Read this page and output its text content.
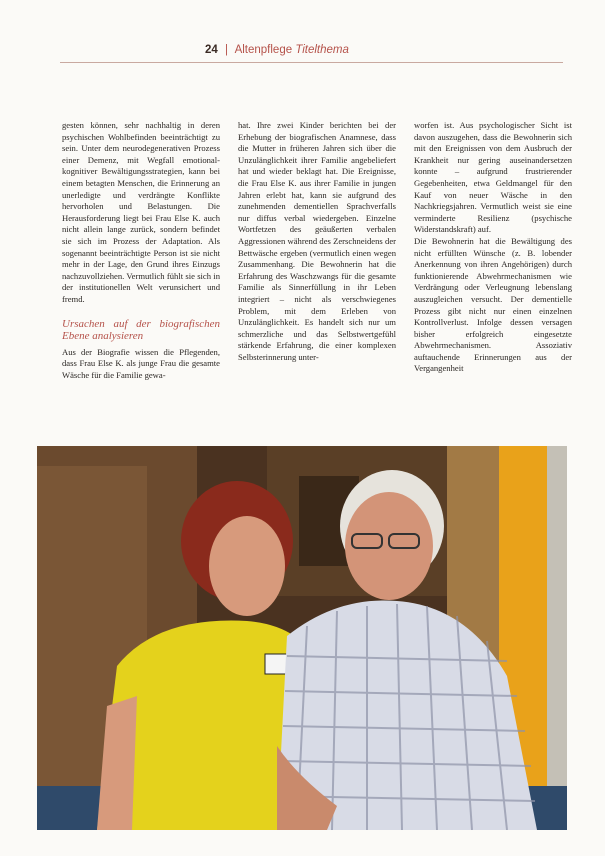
24 | Altenpflege Titelthema

gesten können, sehr nachhaltig in deren psychischen Wohlbefinden beeinträchtigt zu sein. Unter dem neurodegenerativen Prozess einer Demenz, mit Wegfall emotional-kognitiver Bewältigungsstrategien, kann bei einem betagten Menschen, die Erinnerung an unerledigte und verdrängte Konflikte hervorholen und Belastungen. Die Herausforderung liegt bei Frau Else K. auch nicht allein lange zurück, sondern befindet sie sich im Prozess der Adaptation. Als sogenannt beeinträchtigte Person ist sie nicht mehr in der Lage, den Grund ihres Einzugs nachzuvollziehen. Vermutlich fühlt sie sich in der institutionellen Welt verunsichert und fremd.

Ursachen auf der biografischen Ebene analysieren

Aus der Biografie wissen die Pflegenden, dass Frau Else K. als junge Frau die gesamte Wäsche für die Familie gewa-

hat. Ihre zwei Kinder berichten bei der Erhebung der biografischen Anamnese, dass die Mutter in früheren Jahren sich über die Unzulänglichkeit ihrer Familie angebeliefert hat und wieder beklagt hat. Die Ereignisse, die Frau Else K. aus ihrer Familie in jungen Jahren erlebt hat, kann sie aufgrund des zunehmenden dementiellen Sprachverfalls nur diffus verbal wiedergeben. Einzelne Wortfetzen des geäußerten verbalen Aggressionen während des Zerschneidens der Bettwäsche ergeben (vermutlich einen wegen Zusammenhang. Die Bewohnerin hat die Erfahrung des Waschzwangs für die gesamte Familie als Sinnerfüllung in ihr Leben integriert – nicht als verschwiegenes Problem, mit dem Erleben von Unzulänglichkeit. Es handelt sich nur um schmerzliche und das Selbstwertgefühl stärkende Erfahrung, die einer komplexen Selbsterinnerung unter-

worfen ist. Aus psychologischer Sicht ist davon auszugehen, dass die Bewohnerin sich mit den Ereignissen von dem Ausbruch der Krankheit nur gering auseinandersetzen konnte – aufgrund frustrierender Gegebenheiten, etwa Geldmangel für den Kauf von neuer Wäsche in den Nachkriegsjahren. Vermutlich weist sie eine verminderte Resilienz (psychische Widerstandskraft) auf.

Die Bewohnerin hat die Bewältigung des nicht erfüllten Wünsche (z. B. lobender Anerkennung von ihren Angehörigen) durch funktionierende Abwehrmechanismen wie Verdrängung oder Verleugnung lebenslang auszugleichen versucht. Der dementielle Prozess gibt nicht nur einen einzelnen Kontrollverlust. Infolge dessen versagen bisher erfolgreich eingesetzte Abwehrmechanismen. Assoziativ auftauchende Erinnerungen aus der Vergangenheit
